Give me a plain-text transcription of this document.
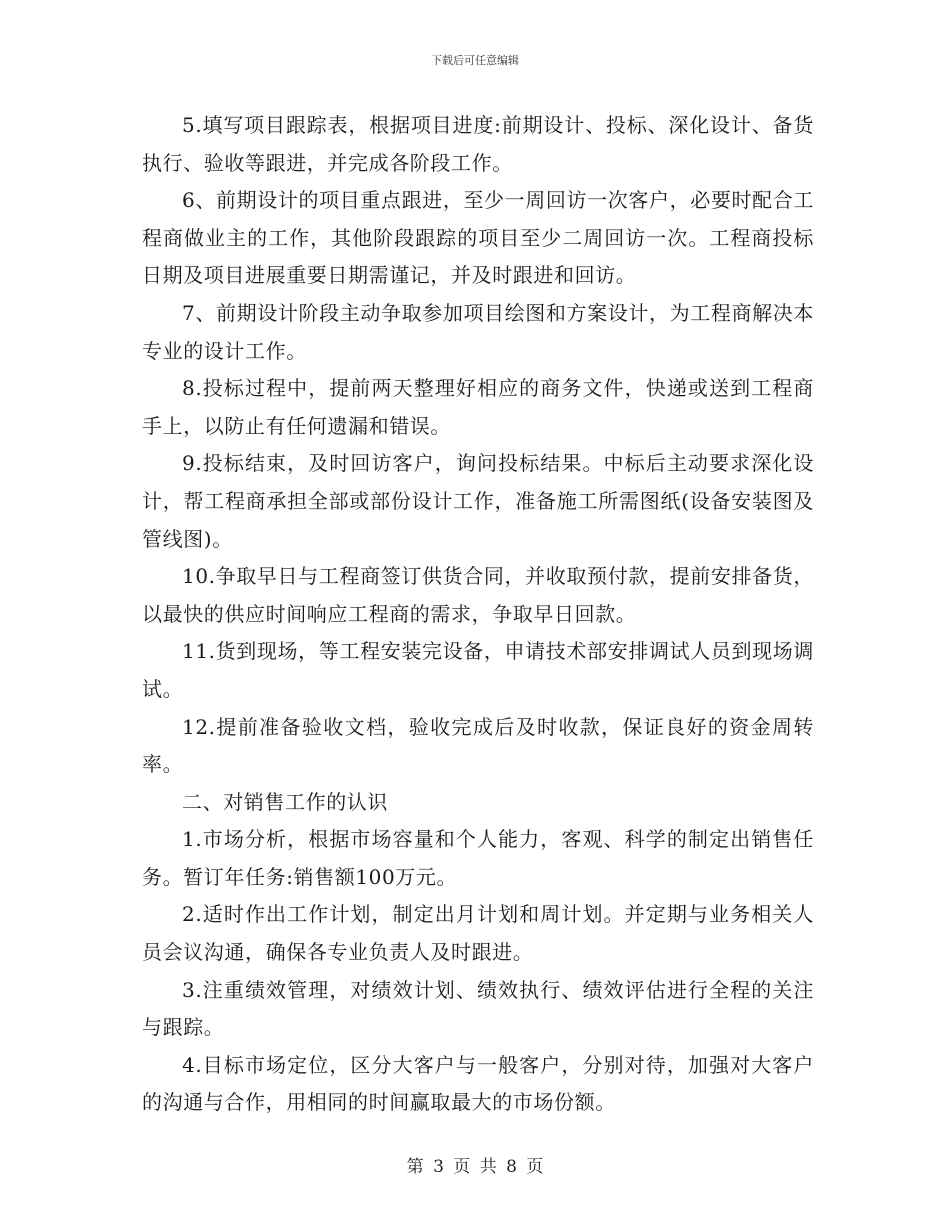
下载后可任意编辑

5.填写项目跟踪表，根据项目进度:前期设计、投标、深化设计、备货执行、验收等跟进，并完成各阶段工作。

6、前期设计的项目重点跟进，至少一周回访一次客户，必要时配合工程商做业主的工作，其他阶段跟踪的项目至少二周回访一次。工程商投标日期及项目进展重要日期需谨记，并及时跟进和回访。

7、前期设计阶段主动争取参加项目绘图和方案设计，为工程商解决本专业的设计工作。

8.投标过程中，提前两天整理好相应的商务文件，快递或送到工程商手上，以防止有任何遗漏和错误。

9.投标结束，及时回访客户，询问投标结果。中标后主动要求深化设计，帮工程商承担全部或部份设计工作，准备施工所需图纸(设备安装图及管线图)。

10.争取早日与工程商签订供货合同，并收取预付款，提前安排备货，以最快的供应时间响应工程商的需求，争取早日回款。

11.货到现场，等工程安装完设备，申请技术部安排调试人员到现场调试。

12.提前准备验收文档，验收完成后及时收款，保证良好的资金周转率。

二、对销售工作的认识

1.市场分析，根据市场容量和个人能力，客观、科学的制定出销售任务。暂订年任务:销售额100万元。

2.适时作出工作计划，制定出月计划和周计划。并定期与业务相关人员会议沟通，确保各专业负责人及时跟进。

3.注重绩效管理，对绩效计划、绩效执行、绩效评估进行全程的关注与跟踪。

4.目标市场定位，区分大客户与一般客户，分别对待，加强对大客户的沟通与合作，用相同的时间赢取最大的市场份额。

第 3 页 共 8 页
